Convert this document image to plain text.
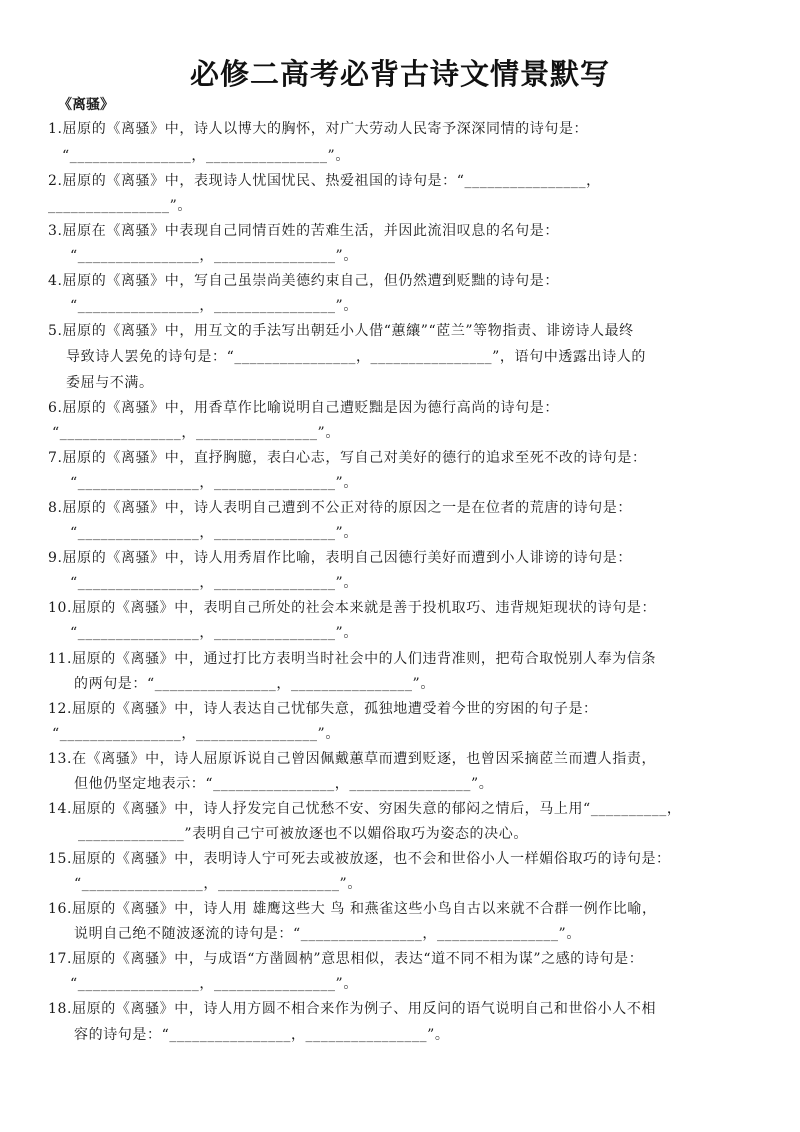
必修二高考必背古诗文情景默写
《离骚》
1.屈原的《离骚》中，诗人以博大的胸怀，对广大劳动人民寄予深深同情的诗句是：
“________________，________________”。
2.屈原的《离骚》中，表现诗人忧国忧民、热爱祖国的诗句是：“________________，
________________”。
3.屈原在《离骚》中表现自己同情百姓的苦难生活，并因此流泪叹息的名句是：
“________________，________________”。
4.屈原的《离骚》中，写自己虽崇尚美德约束自己，但仍然遭到贬黜的诗句是：
“________________，________________”。
5.屈原的《离骚》中，用互文的手法写出朝廷小人借“蕙纕”“茝兰”等物指责、诽谤诗人最终
导致诗人罢免的诗句是：“________________，________________”，语句中透露出诗人的
委屈与不满。
6.屈原的《离骚》中，用香草作比喻说明自己遭贬黜是因为德行高尚的诗句是：
“________________，________________”。
7.屈原的《离骚》中，直抒胸臆，表白心志，写自己对美好的德行的追求至死不改的诗句是：
“________________，________________”。
8.屈原的《离骚》中，诗人表明自己遭到不公正对待的原因之一是在位者的荒唐的诗句是：
“________________，________________”。
9.屈原的《离骚》中，诗人用秀眉作比喻，表明自己因德行美好而遭到小人诽谤的诗句是：
“________________，________________”。
10.屈原的《离骚》中，表明自己所处的社会本来就是善于投机取巧、违背规矩现状的诗句是：
“________________，________________”。
11.屈原的《离骚》中，通过打比方表明当时社会中的人们违背准则，把苟合取悦别人奉为信条
的两句是：“________________，________________”。
12.屈原的《离骚》中，诗人表达自己忧郁失意，孤独地遭受着今世的穷困的句子是：
“________________，________________”。
13.在《离骚》中，诗人屈原诉说自己曾因佩戴蕙草而遭到贬逐，也曾因采摘茝兰而遭人指责，
但他仍坚定地表示：“________________，________________”。
14.屈原的《离骚》中，诗人抒发完自己忧愁不安、穷困失意的郁闷之情后，马上用“__________，
______________”表明自己宁可被放逐也不以媚俗取巧为姿态的决心。
15.屈原的《离骚》中，表明诗人宁可死去或被放逐，也不会和世俗小人一样媚俗取巧的诗句是：
“________________，________________”。
16.屈原的《离骚》中，诗人用 雄鹰这些大 鸟 和燕雀这些小鸟自古以来就不合群一例作比喻，
说明自己绝不随波逐流的诗句是：“________________，________________”。
17.屈原的《离骚》中，与成语“方凿圆枘”意思相似，表达“道不同不相为谋”之感的诗句是：
“________________，________________”。
18.屈原的《离骚》中，诗人用方圆不相合来作为例子、用反问的语气说明自己和世俗小人不相
容的诗句是：“________________，________________”。
